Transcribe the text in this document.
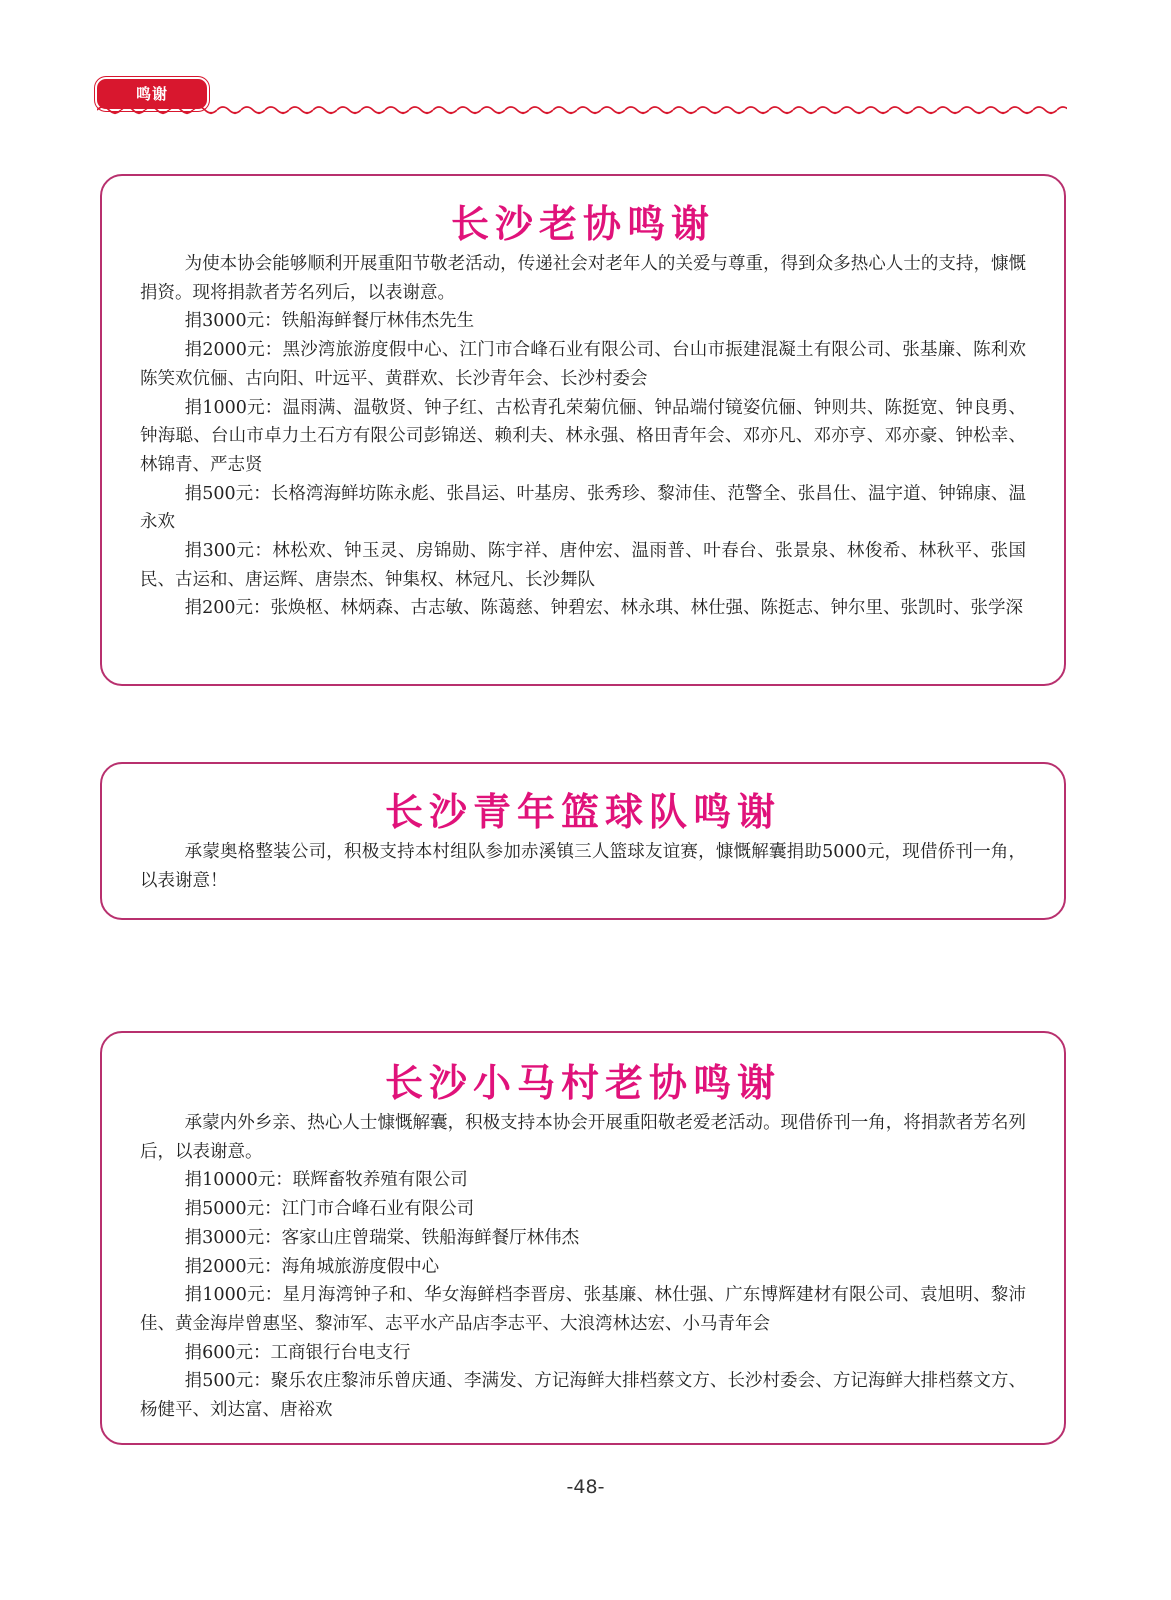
鸣谢
长沙老协鸣谢

为使本协会能够顺利开展重阳节敬老活动，传递社会对老年人的关爱与尊重，得到众多热心人士的支持，慷慨捐资。现将捐款者芳名列后，以表谢意。

捐3000元：铁船海鲜餐厅林伟杰先生

捐2000元：黑沙湾旅游度假中心、江门市合峰石业有限公司、台山市振建混凝土有限公司、张基廉、陈利欢陈笑欢伉俪、古向阳、叶远平、黄群欢、长沙青年会、长沙村委会

捐1000元：温雨满、温敬贤、钟子红、古松青孔荣菊伉俪、钟品端付镜姿伉俪、钟则共、陈挺宽、钟良勇、钟海聪、台山市卓力土石方有限公司彭锦送、赖利夫、林永强、格田青年会、邓亦凡、邓亦亨、邓亦豪、钟松幸、林锦青、严志贤

捐500元：长格湾海鲜坊陈永彪、张昌运、叶基房、张秀珍、黎沛佳、范警全、张昌仕、温宇道、钟锦康、温永欢

捐300元：林松欢、钟玉灵、房锦勋、陈宇祥、唐仲宏、温雨普、叶春台、张景泉、林俊希、林秋平、张国民、古运和、唐运辉、唐崇杰、钟集权、林冠凡、长沙舞队

捐200元：张焕枢、林炳森、古志敏、陈蔼慈、钟碧宏、林永琪、林仕强、陈挺志、钟尔里、张凯时、张学深

长沙青年篮球队鸣谢

承蒙奥格整装公司，积极支持本村组队参加赤溪镇三人篮球友谊赛，慷慨解囊捐助5000元，现借侨刊一角，以表谢意！

长沙小马村老协鸣谢

承蒙内外乡亲、热心人士慷慨解囊，积极支持本协会开展重阳敬老爱老活动。现借侨刊一角，将捐款者芳名列后，以表谢意。

捐10000元：联辉畜牧养殖有限公司

捐5000元：江门市合峰石业有限公司

捐3000元：客家山庄曾瑞棠、铁船海鲜餐厅林伟杰

捐2000元：海角城旅游度假中心

捐1000元：星月海湾钟子和、华女海鲜档李晋房、张基廉、林仕强、广东博辉建材有限公司、袁旭明、黎沛佳、黄金海岸曾惠坚、黎沛军、志平水产品店李志平、大浪湾林达宏、小马青年会

捐600元：工商银行台电支行

捐500元：聚乐农庄黎沛乐曾庆通、李满发、方记海鲜大排档蔡文方、长沙村委会、方记海鲜大排档蔡文方、杨健平、刘达富、唐裕欢

-48-
